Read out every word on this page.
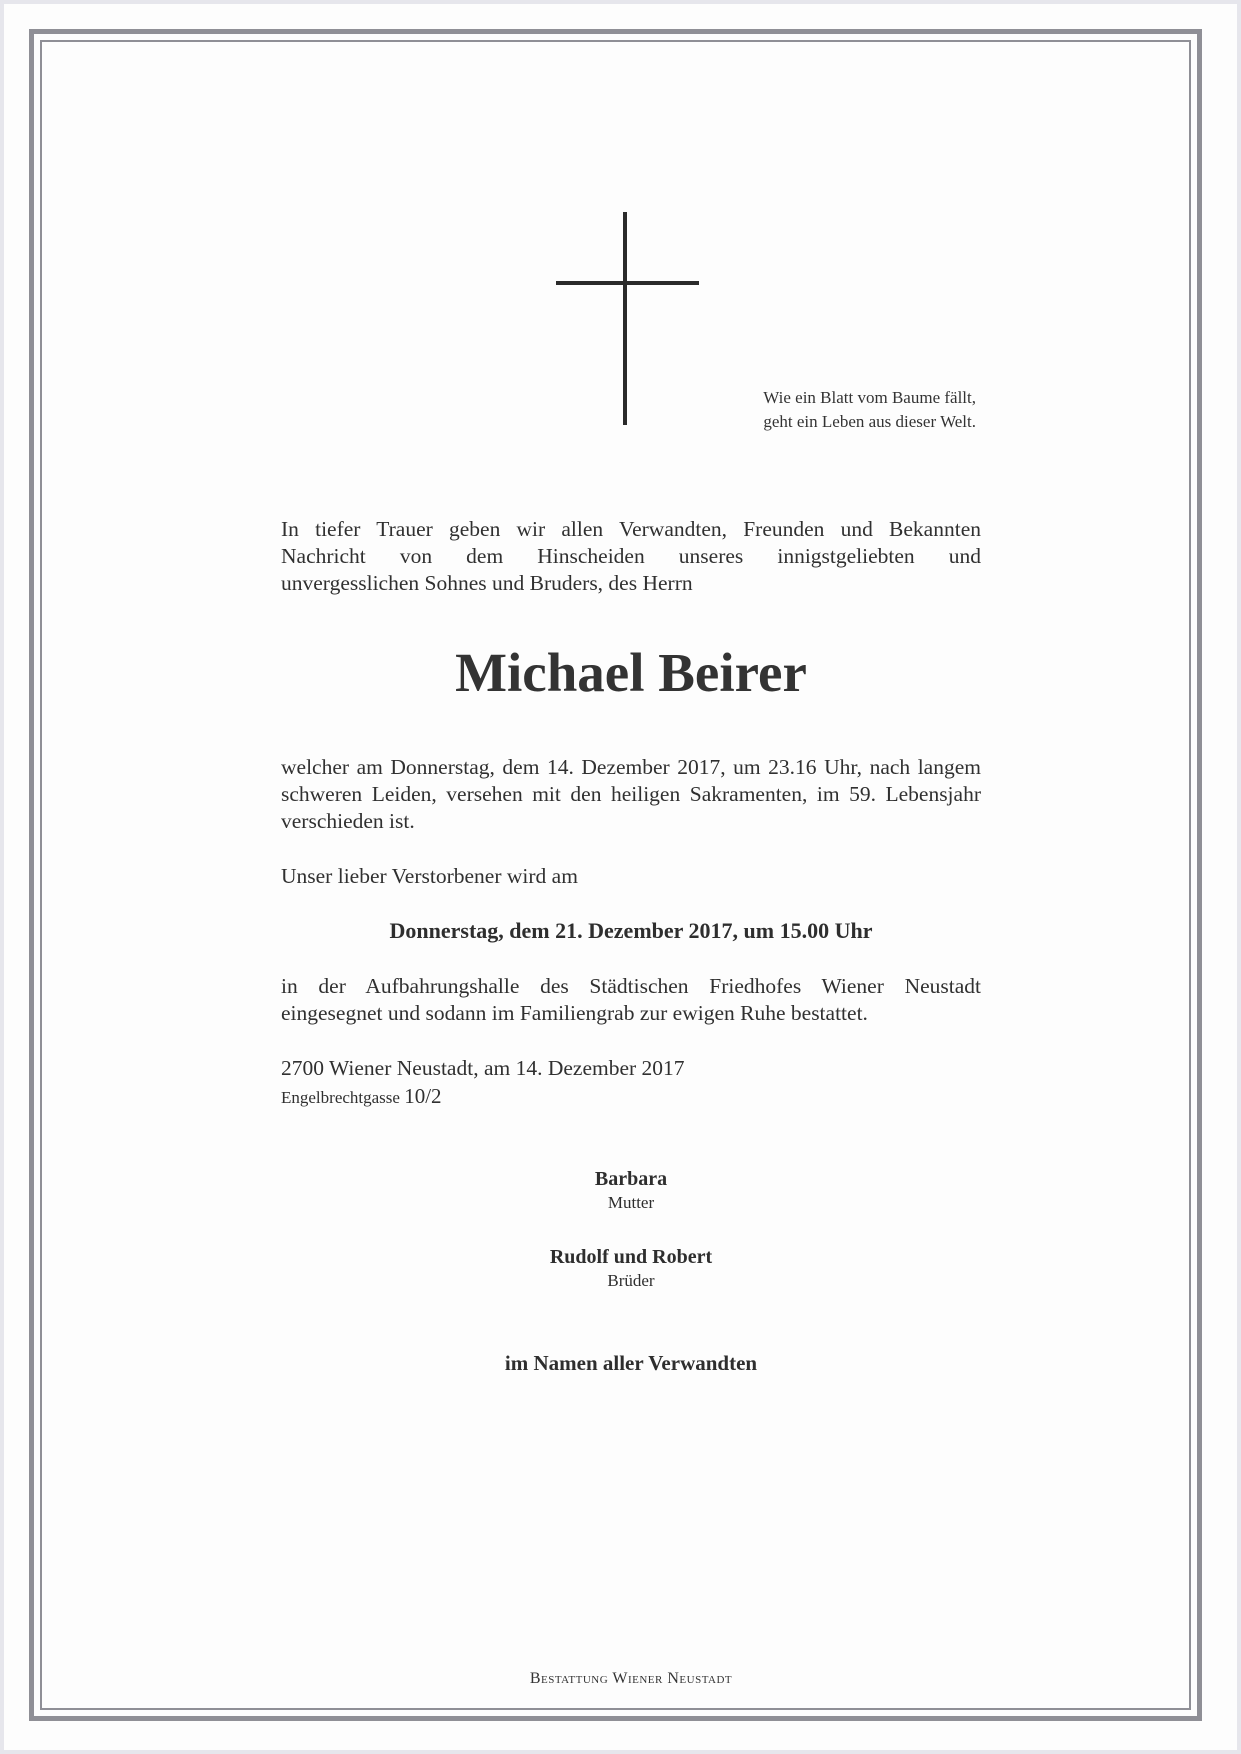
Wie ein Blatt vom Baume fällt,
geht ein Leben aus dieser Welt.
In tiefer Trauer geben wir allen Verwandten, Freunden und Bekannten
Nachricht von dem Hinscheiden unseres innigstgeliebten und
unvergesslichen Sohnes und Bruders, des Herrn
Michael Beirer
welcher am Donnerstag, dem 14. Dezember 2017, um 23.16 Uhr, nach langem
schweren Leiden, versehen mit den heiligen Sakramenten, im 59. Lebensjahr
verschieden ist.
Unser lieber Verstorbener wird am
Donnerstag, dem 21. Dezember 2017, um 15.00 Uhr
in der Aufbahrungshalle des Städtischen Friedhofes Wiener Neustadt
eingesegnet und sodann im Familiengrab zur ewigen Ruhe bestattet.
2700 Wiener Neustadt, am 14. Dezember 2017
Engelbrechtgasse 10/2
Barbara
Mutter
Rudolf und Robert
Brüder
im Namen aller Verwandten
Bestattung Wiener Neustadt
